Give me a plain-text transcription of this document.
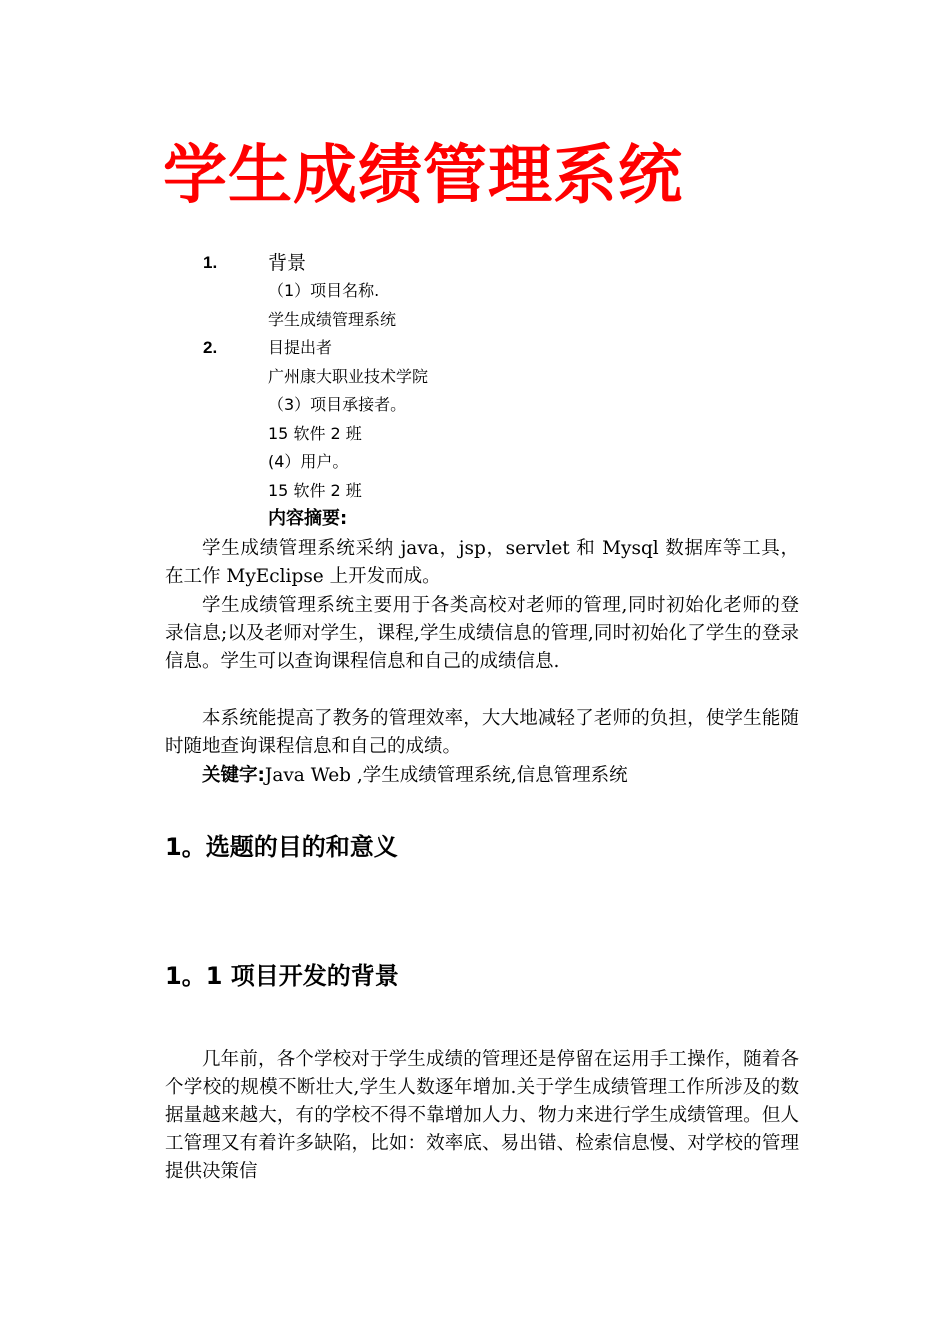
学生成绩管理系统
1.	背景
（1）项目名称.
学生成绩管理系统
2.	目提出者
广州康大职业技术学院
（3）项目承接者。
15 软件 2 班
(4）用户。
15 软件 2 班
内容摘要:

学生成绩管理系统采纳 java，jsp，servlet 和 Mysql 数据库等工具，在工作 MyEclipse 上开发而成。

学生成绩管理系统主要用于各类高校对老师的管理,同时初始化老师的登录信息;以及老师对学生，课程,学生成绩信息的管理,同时初始化了学生的登录信息。学生可以查询课程信息和自己的成绩信息.

本系统能提高了教务的管理效率，大大地减轻了老师的负担，使学生能随时随地查询课程信息和自己的成绩。

关键字:Java Web ,学生成绩管理系统,信息管理系统

1。选题的目的和意义
1。1 项目开发的背景

几年前，各个学校对于学生成绩的管理还是停留在运用手工操作，随着各个学校的规模不断壮大,学生人数逐年增加.关于学生成绩管理工作所涉及的数据量越来越大，有的学校不得不靠增加人力、物力来进行学生成绩管理。但人工管理又有着许多缺陷，比如：效率底、易出错、检索信息慢、对学校的管理提供决策信
